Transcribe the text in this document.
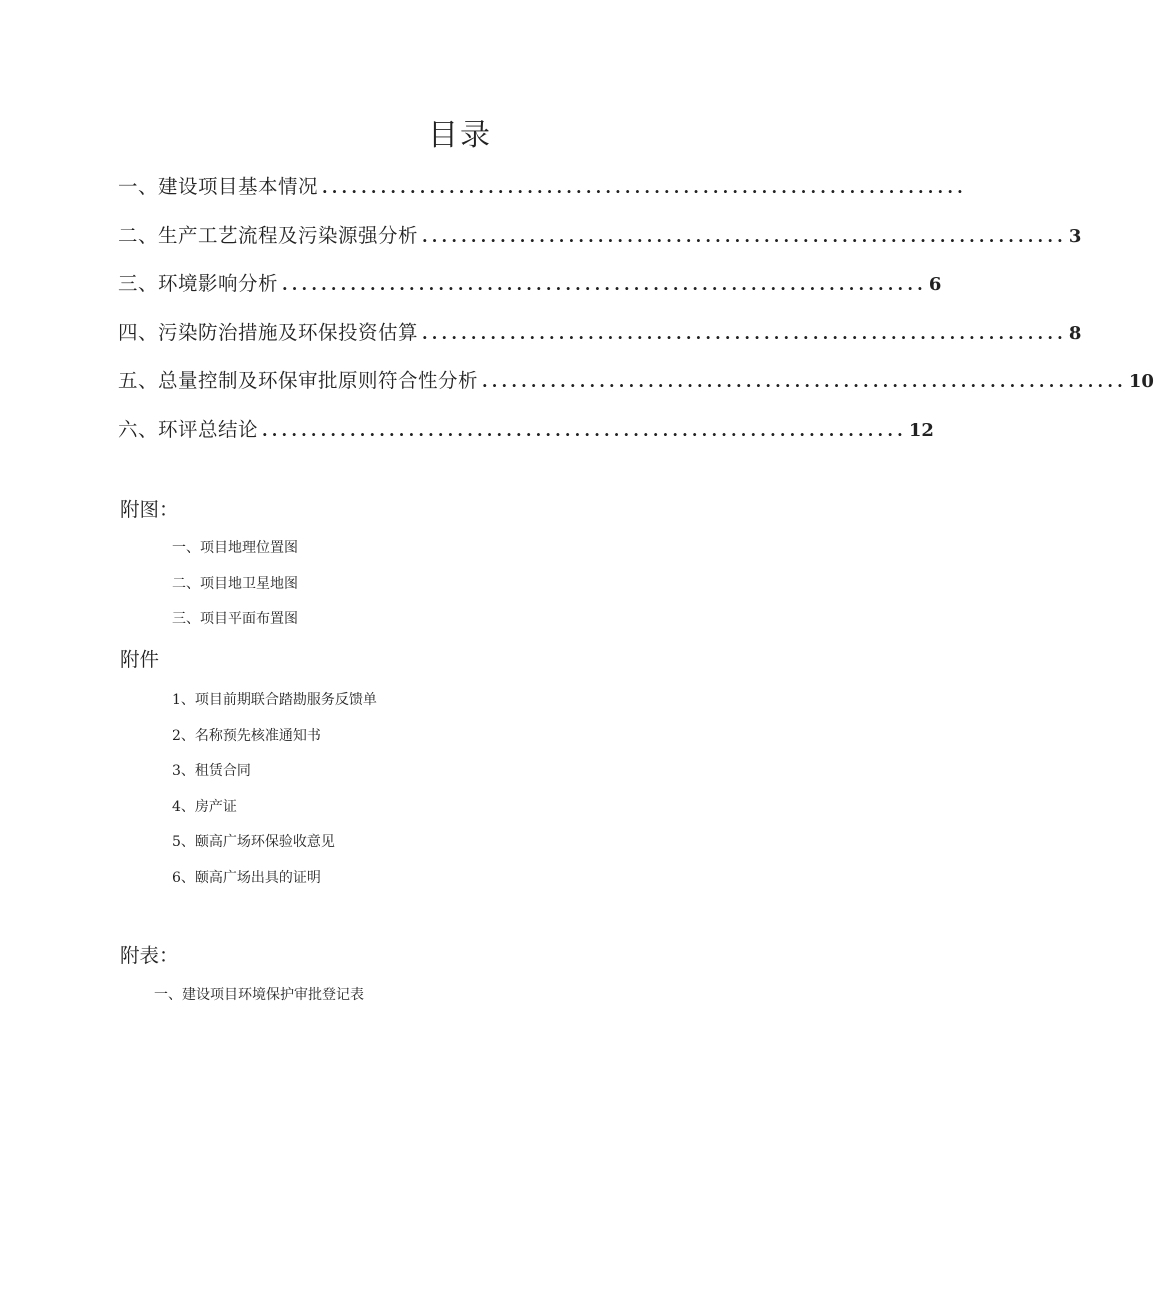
目录
一、建设项目基本情况 ..................................................................
二、生产工艺流程及污染源强分析 .................................................................. 3
三、环境影响分析 .................................................................. 6
四、污染防治措施及环保投资估算 .................................................................. 8
五、总量控制及环保审批原则符合性分析 .................................................................. 10
六、环评总结论 .................................................................. 12
附图：
一、项目地理位置图
二、项目地卫星地图
三、项目平面布置图
附件
1、项目前期联合踏勘服务反馈单
2、名称预先核准通知书
3、租赁合同
4、房产证
5、颐高广场环保验收意见
6、颐高广场出具的证明
附表：
一、建设项目环境保护审批登记表
